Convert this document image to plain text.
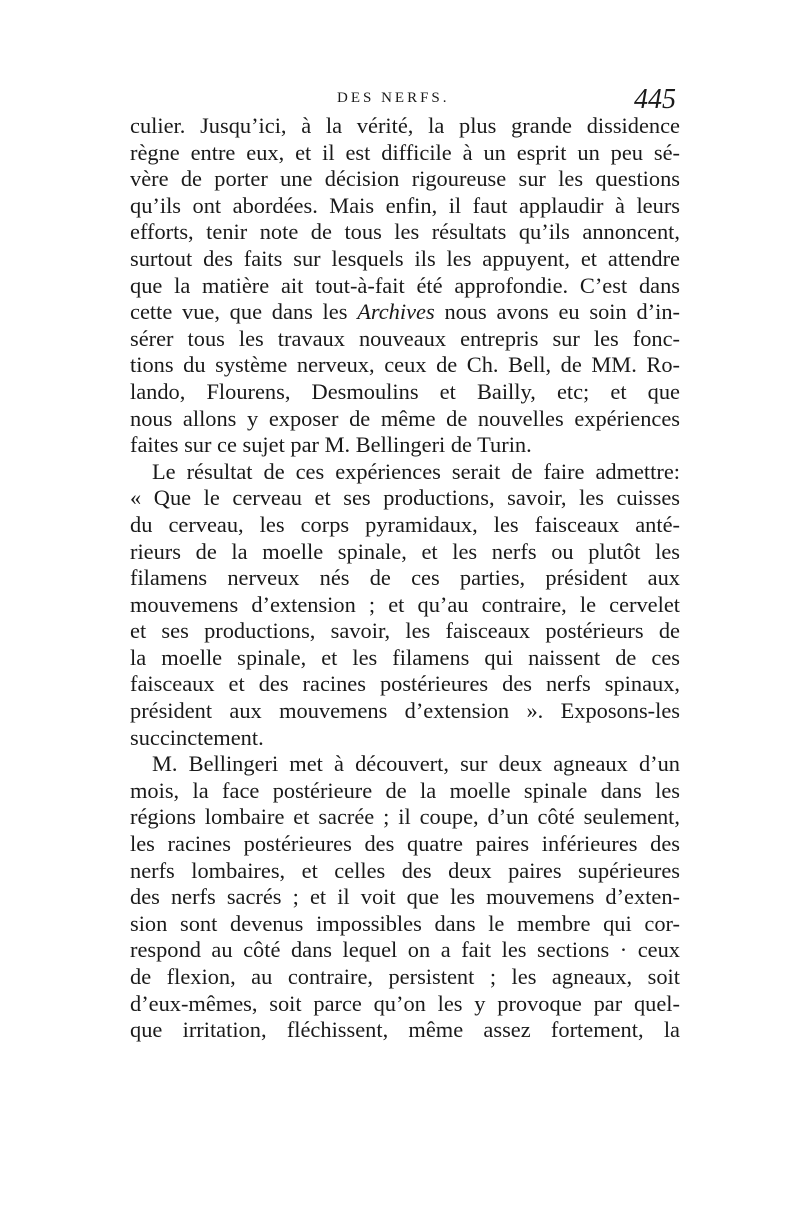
DES NERFS.	445
culier. Jusqu’ici, à la vérité, la plus grande dissidence
règne entre eux, et il est difficile à un esprit un peu sé-
vère de porter une décision rigoureuse sur les questions
qu’ils ont abordées. Mais enfin, il faut applaudir à leurs
efforts, tenir note de tous les résultats qu’ils annoncent,
surtout des faits sur lesquels ils les appuyent, et attendre
que la matière ait tout-à-fait été approfondie. C’est dans
cette vue, que dans les Archives nous avons eu soin d’in-
sérer tous les travaux nouveaux entrepris sur les fonc-
tions du système nerveux, ceux de Ch. Bell, de MM. Ro-
lando, Flourens, Desmoulins et Bailly, etc; et que
nous allons y exposer de même de nouvelles expériences
faites sur ce sujet par M. Bellingeri de Turin.
Le résultat de ces expériences serait de faire admettre:
« Que le cerveau et ses productions, savoir, les cuisses
du cerveau, les corps pyramidaux, les faisceaux anté-
rieurs de la moelle spinale, et les nerfs ou plutôt les
filamens nerveux nés de ces parties, président aux
mouvemens d’extension ; et qu’au contraire, le cervelet
et ses productions, savoir, les faisceaux postérieurs de
la moelle spinale, et les filamens qui naissent de ces
faisceaux et des racines postérieures des nerfs spinaux,
président aux mouvemens d’extension ». Exposons-les
succinctement.
M. Bellingeri met à découvert, sur deux agneaux d’un
mois, la face postérieure de la moelle spinale dans les
régions lombaire et sacrée ; il coupe, d’un côté seulement,
les racines postérieures des quatre paires inférieures des
nerfs lombaires, et celles des deux paires supérieures
des nerfs sacrés ; et il voit que les mouvemens d’exten-
sion sont devenus impossibles dans le membre qui cor-
respond au côté dans lequel on a fait les sections · ceux
de flexion, au contraire, persistent ; les agneaux, soit
d’eux-mêmes, soit parce qu’on les y provoque par quel-
que irritation, fléchissent, même assez fortement, la
